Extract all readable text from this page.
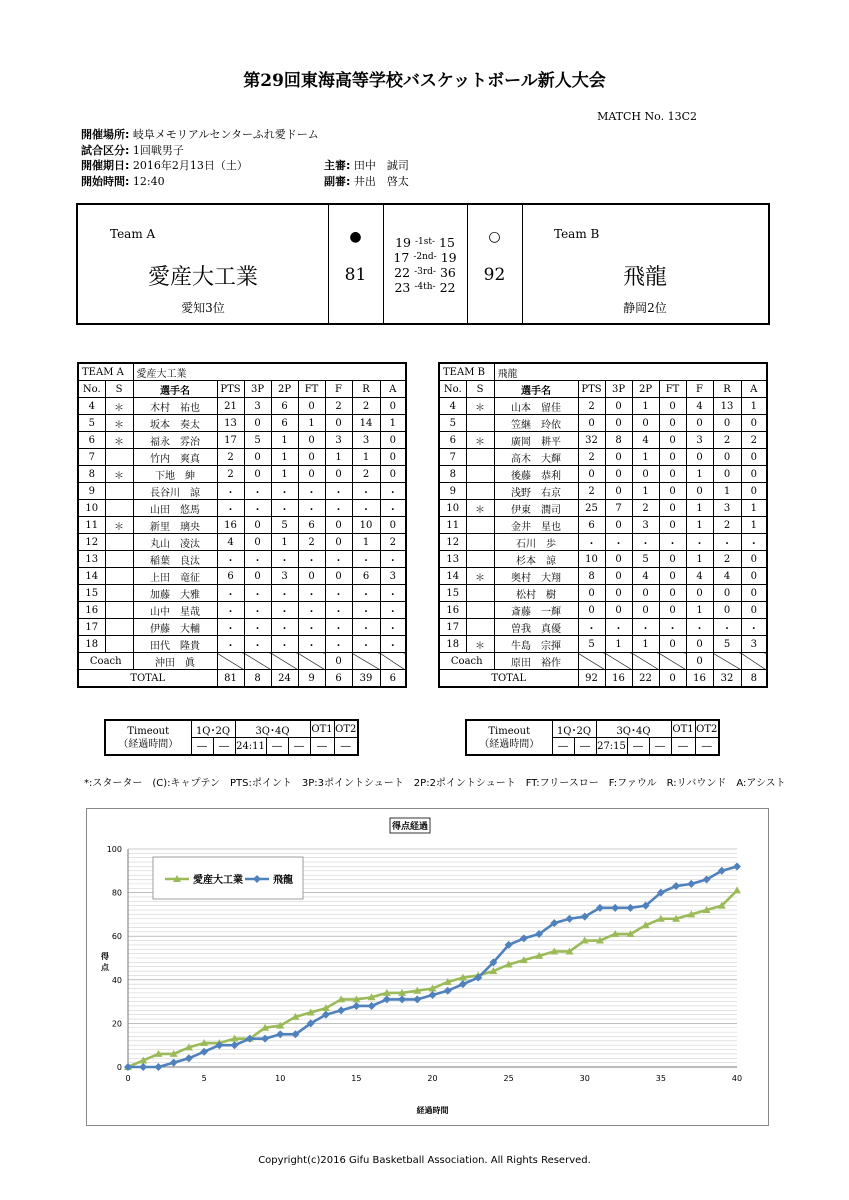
第29回東海高等学校バスケットボール新人大会
MATCH No. 13C2
開催場所: 岐阜メモリアルセンターふれ愛ドーム
試合区分: 1回戦男子
開催期日: 2016年2月13日（土）
開始時間: 12:40
主審: 田中　誠司
副審: 井出　啓太
Team A
愛産大工業
愛知3位
●
81
19 -1st- 15
17 -2nd- 19
22 -3rd- 36
23 -4th- 22
○
92
Team B
飛龍
静岡2位
TEAM A		愛産大工業							
No.	S	選手名	PTS	3P	2P	FT	F	R	A
4	＊	木村　祐也	21	3	6	0	2	2	0
5	＊	坂本　奏太	13	0	6	1	0	14	1
6	＊	福永　雰治	17	5	1	0	3	3	0
7		竹内　爽真	2	0	1	0	1	1	0
8	＊	下地　紳	2	0	1	0	0	2	0
9		長谷川　諒	・	・	・	・	・	・	・
10		山田　悠馬	・	・	・	・	・	・	・
11	＊	新里　璃央	16	0	5	6	0	10	0
12		丸山　凌汰	4	0	1	2	0	1	2
13		稲葉　良汰	・	・	・	・	・	・	・
14		上田　竜征	6	0	3	0	0	6	3
15		加藤　大雅	・	・	・	・	・	・	・
16		山中　星哉	・	・	・	・	・	・	・
17		伊藤　大輔	・	・	・	・	・	・	・
18		田代　隆貴	・	・	・	・	・	・	・
Coach		沖田　眞					0		
TOTAL			81	8	24	9	6	39	6
TEAM B		飛龍							
No.	S	選手名	PTS	3P	2P	FT	F	R	A
4	＊	山本　留佳	2	0	1	0	4	13	1
5		笠継　玲依	0	0	0	0	0	0	0
6	＊	廣岡　耕平	32	8	4	0	3	2	2
7		高木　大輝	2	0	1	0	0	0	0
8		後藤　恭利	0	0	0	0	1	0	0
9		浅野　右京	2	0	1	0	0	1	0
10	＊	伊東　潤司	25	7	2	0	1	3	1
11		金井　星也	6	0	3	0	1	2	1
12		石川　歩	・	・	・	・	・	・	・
13		杉本　諒	10	0	5	0	1	2	0
14	＊	奥村　大翔	8	0	4	0	4	4	0
15		松村　樹	0	0	0	0	0	0	0
16		斎藤　一輝	0	0	0	0	1	0	0
17		曽我　真優	・	・	・	・	・	・	・
18	＊	牛島　宗揮	5	1	1	0	0	5	3
Coach		原田　裕作					0		
TOTAL			92	16	22	0	16	32	8
Timeout
（経過時間）	1Q･2Q		3Q･4Q			OT1	OT2
	―	―	24:11	―	―	―	―
Timeout
（経過時間）	1Q･2Q		3Q･4Q			OT1	OT2
	―	―	27:15	―	―	―	―
*:スターター　(C):キャプテン　PTS:ポイント　3P:3ポイントシュート　2P:2ポイントシュート　FT:フリースロー　F:ファウル　R:リバウンド　A:アシスト
得点経過
0
20
40
60
80
100
0	5	10	15	20	25	30	35	40
経過時間
得
点
愛産大工業	飛龍
Copyright(c)2016 Gifu Basketball Association. All Rights Reserved.
